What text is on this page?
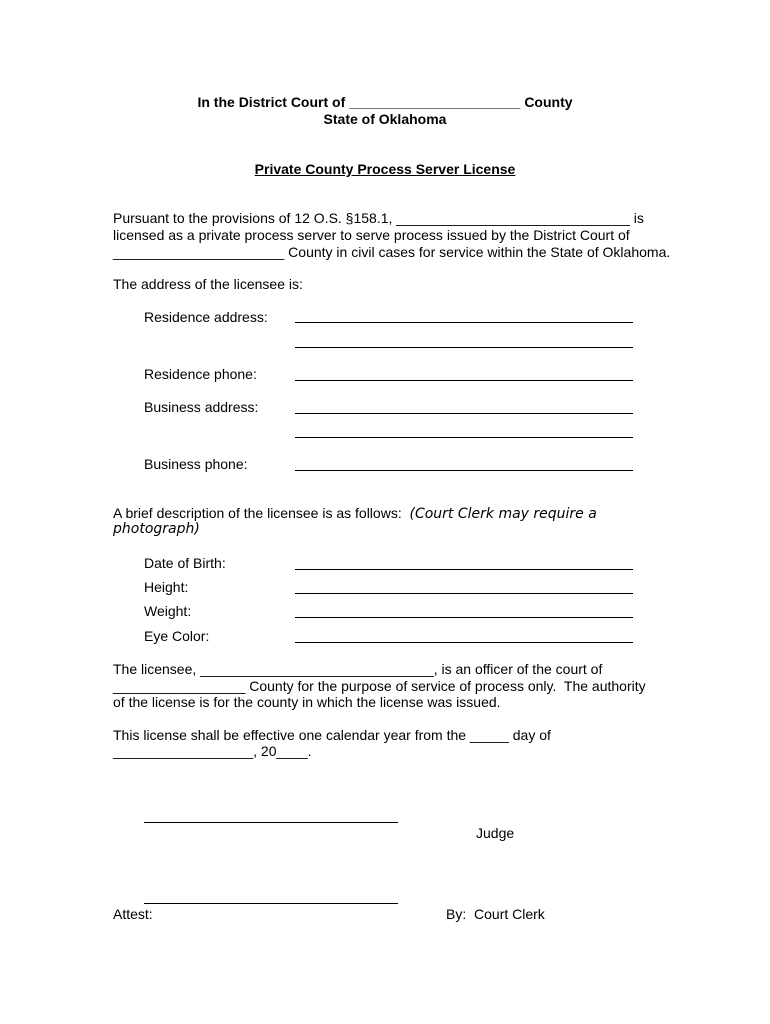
In the District Court of ______________________ County
State of Oklahoma
Private County Process Server License
Pursuant to the provisions of 12 O.S. §158.1, ______________________________ is
licensed as a private process server to serve process issued by the District Court of
______________________ County in civil cases for service within the State of Oklahoma.
The address of the licensee is:
Residence address:
Residence phone:
Business address:
Business phone:
A brief description of the licensee is as follows: (Court Clerk may require a
photograph)
Date of Birth:
Height:
Weight:
Eye Color:
The licensee, ______________________________, is an officer of the court of
_________________ County for the purpose of service of process only.  The authority
of the license is for the county in which the license was issued.
This license shall be effective one calendar year from the _____ day of
__________________, 20____.
Judge
Attest:	By:  Court Clerk
